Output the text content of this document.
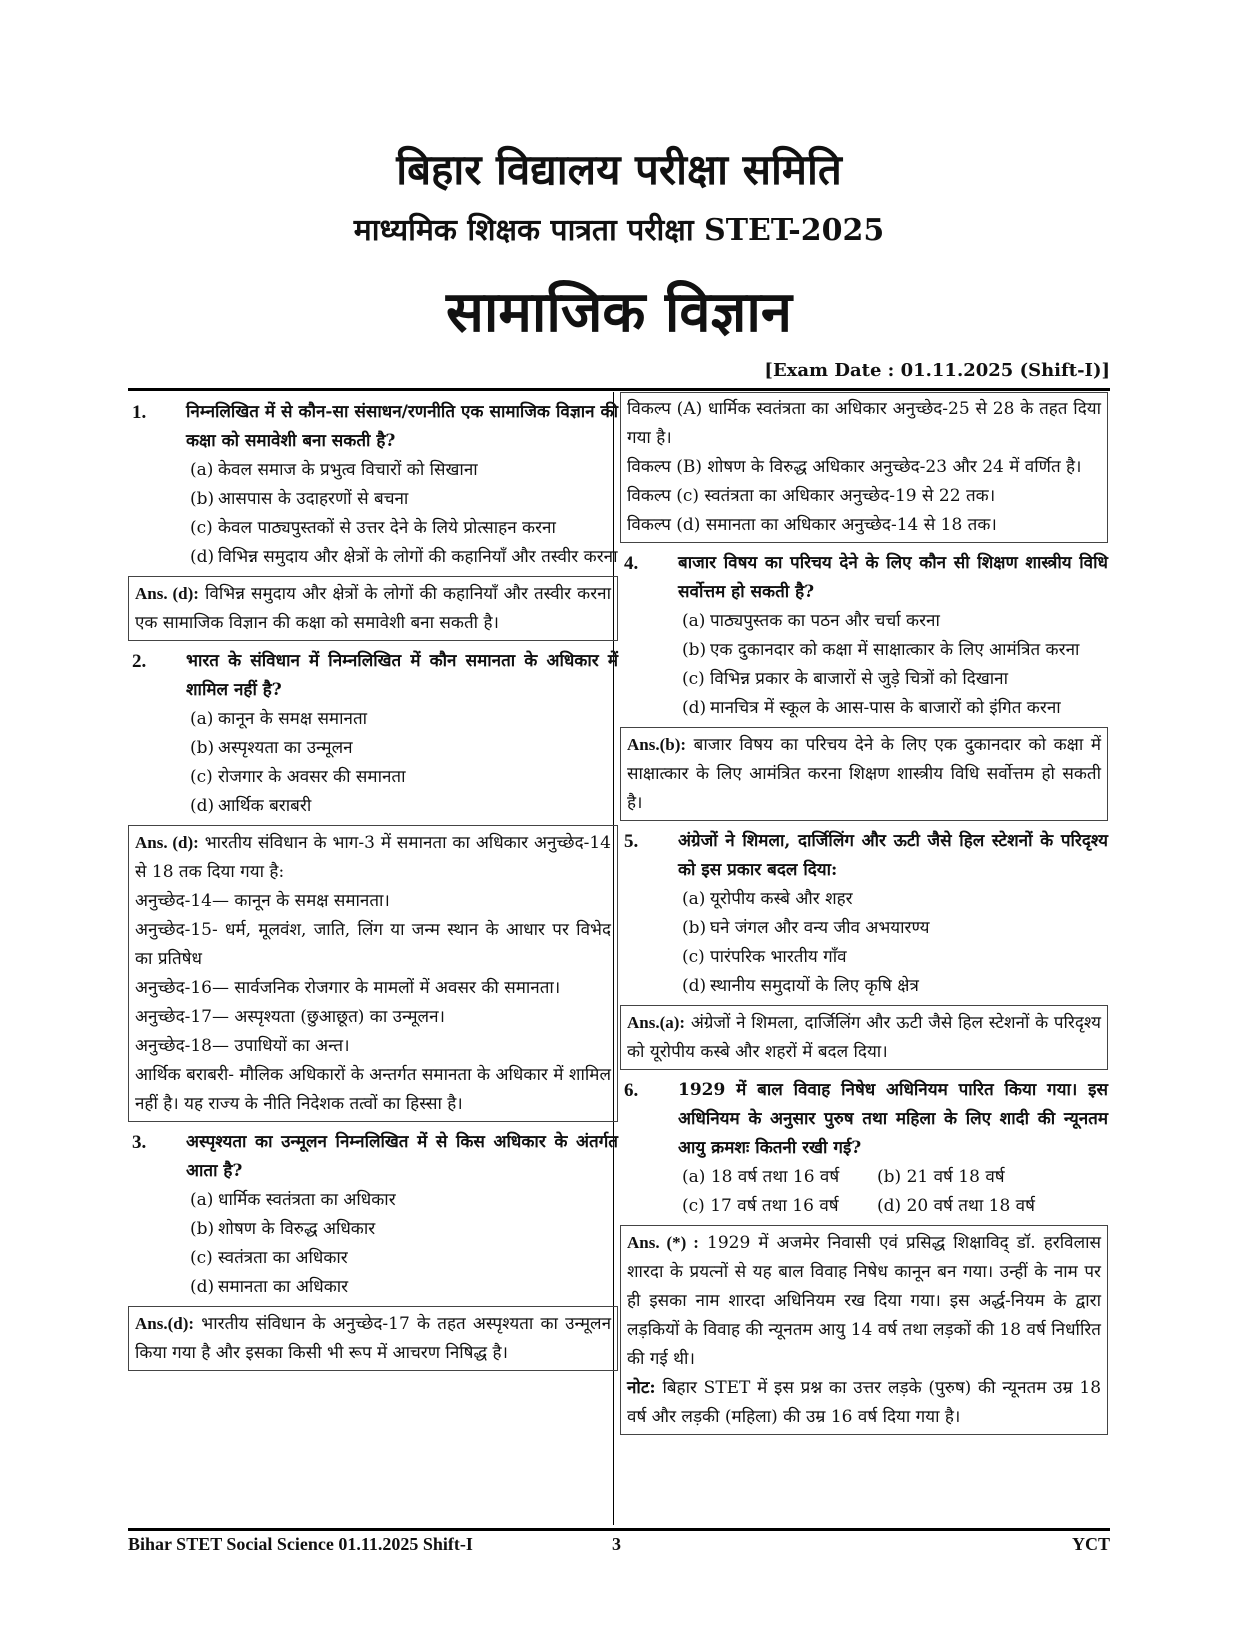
बिहार विद्यालय परीक्षा समिति
माध्यमिक शिक्षक पात्रता परीक्षा STET-2025
सामाजिक विज्ञान
[Exam Date : 01.11.2025 (Shift-I)]
1. निम्नलिखित में से कौन-सा संसाधन/रणनीति एक सामाजिक विज्ञान की कक्षा को समावेशी बना सकती है?
(a) केवल समाज के प्रभुत्व विचारों को सिखाना
(b) आसपास के उदाहरणों से बचना
(c) केवल पाठ्यपुस्तकों से उत्तर देने के लिये प्रोत्साहन करना
(d) विभिन्न समुदाय और क्षेत्रों के लोगों की कहानियाँ और तस्वीर करना
Ans. (d): विभिन्न समुदाय और क्षेत्रों के लोगों की कहानियाँ और तस्वीर करना एक सामाजिक विज्ञान की कक्षा को समावेशी बना सकती है।
2. भारत के संविधान में निम्नलिखित में कौन समानता के अधिकार में शामिल नहीं है?
(a) कानून के समक्ष समानता
(b) अस्पृश्यता का उन्मूलन
(c) रोजगार के अवसर की समानता
(d) आर्थिक बराबरी

Ans. (d): भारतीय संविधान के भाग-3 में समानता का अधिकार अनुच्छेद-14 से 18 तक दिया गया है:

अनुच्छेद-14— कानून के समक्ष समानता।

अनुच्छेद-15- धर्म, मूलवंश, जाति, लिंग या जन्म स्थान के आधार पर विभेद का प्रतिषेध

अनुच्छेद-16— सार्वजनिक रोजगार के मामलों में अवसर की समानता।

अनुच्छेद-17— अस्पृश्यता (छुआछूत) का उन्मूलन।

अनुच्छेद-18— उपाधियों का अन्त।

आर्थिक बराबरी- मौलिक अधिकारों के अन्तर्गत समानता के अधिकार में शामिल नहीं है। यह राज्य के नीति निदेशक तत्वों का हिस्सा है।

3. अस्पृश्यता का उन्मूलन निम्नलिखित में से किस अधिकार के अंतर्गत आता है?
(a) धार्मिक स्वतंत्रता का अधिकार
(b) शोषण के विरुद्ध अधिकार
(c) स्वतंत्रता का अधिकार
(d) समानता का अधिकार
Ans.(d): भारतीय संविधान के अनुच्छेद-17 के तहत अस्पृश्यता का उन्मूलन किया गया है और इसका किसी भी रूप में आचरण निषिद्ध है।

विकल्प (A) धार्मिक स्वतंत्रता का अधिकार अनुच्छेद-25 से 28 के तहत दिया गया है।

विकल्प (B) शोषण के विरुद्ध अधिकार अनुच्छेद-23 और 24 में वर्णित है।

विकल्प (c) स्वतंत्रता का अधिकार अनुच्छेद-19 से 22 तक।

विकल्प (d) समानता का अधिकार अनुच्छेद-14 से 18 तक।

4. बाजार विषय का परिचय देने के लिए कौन सी शिक्षण शास्त्रीय विधि सर्वोत्तम हो सकती है?
(a) पाठ्यपुस्तक का पठन और चर्चा करना
(b) एक दुकानदार को कक्षा में साक्षात्कार के लिए आमंत्रित करना
(c) विभिन्न प्रकार के बाजारों से जुड़े चित्रों को दिखाना
(d) मानचित्र में स्कूल के आस-पास के बाजारों को इंगित करना
Ans.(b): बाजार विषय का परिचय देने के लिए एक दुकानदार को कक्षा में साक्षात्कार के लिए आमंत्रित करना शिक्षण शास्त्रीय विधि सर्वोत्तम हो सकती है।
5. अंग्रेजों ने शिमला, दार्जिलिंग और ऊटी जैसे हिल स्टेशनों के परिदृश्य को इस प्रकार बदल दिया:
(a) यूरोपीय कस्बे और शहर
(b) घने जंगल और वन्य जीव अभयारण्य
(c) पारंपरिक भारतीय गाँव
(d) स्थानीय समुदायों के लिए कृषि क्षेत्र
Ans.(a): अंग्रेजों ने शिमला, दार्जिलिंग और ऊटी जैसे हिल स्टेशनों के परिदृश्य को यूरोपीय कस्बे और शहरों में बदल दिया।
6. 1929 में बाल विवाह निषेध अधिनियम पारित किया गया। इस अधिनियम के अनुसार पुरुष तथा महिला के लिए शादी की न्यूनतम आयु क्रमशः कितनी रखी गई?
(a) 18 वर्ष तथा 16 वर्ष	(b) 21 वर्ष 18 वर्ष
(c) 17 वर्ष तथा 16 वर्ष	(d) 20 वर्ष तथा 18 वर्ष

Ans. (*) : 1929 में अजमेर निवासी एवं प्रसिद्ध शिक्षाविद् डॉ. हरविलास शारदा के प्रयत्नों से यह बाल विवाह निषेध कानून बन गया। उन्हीं के नाम पर ही इसका नाम शारदा अधिनियम रख दिया गया। इस अर्द्ध-नियम के द्वारा लड़कियों के विवाह की न्यूनतम आयु 14 वर्ष तथा लड़कों की 18 वर्ष निर्धारित की गई थी।

नोट: बिहार STET में इस प्रश्न का उत्तर लड़के (पुरुष) की न्यूनतम उम्र 18 वर्ष और लड़की (महिला) की उम्र 16 वर्ष दिया गया है।

Bihar STET Social Science 01.11.2025 Shift-I	3	YCT
